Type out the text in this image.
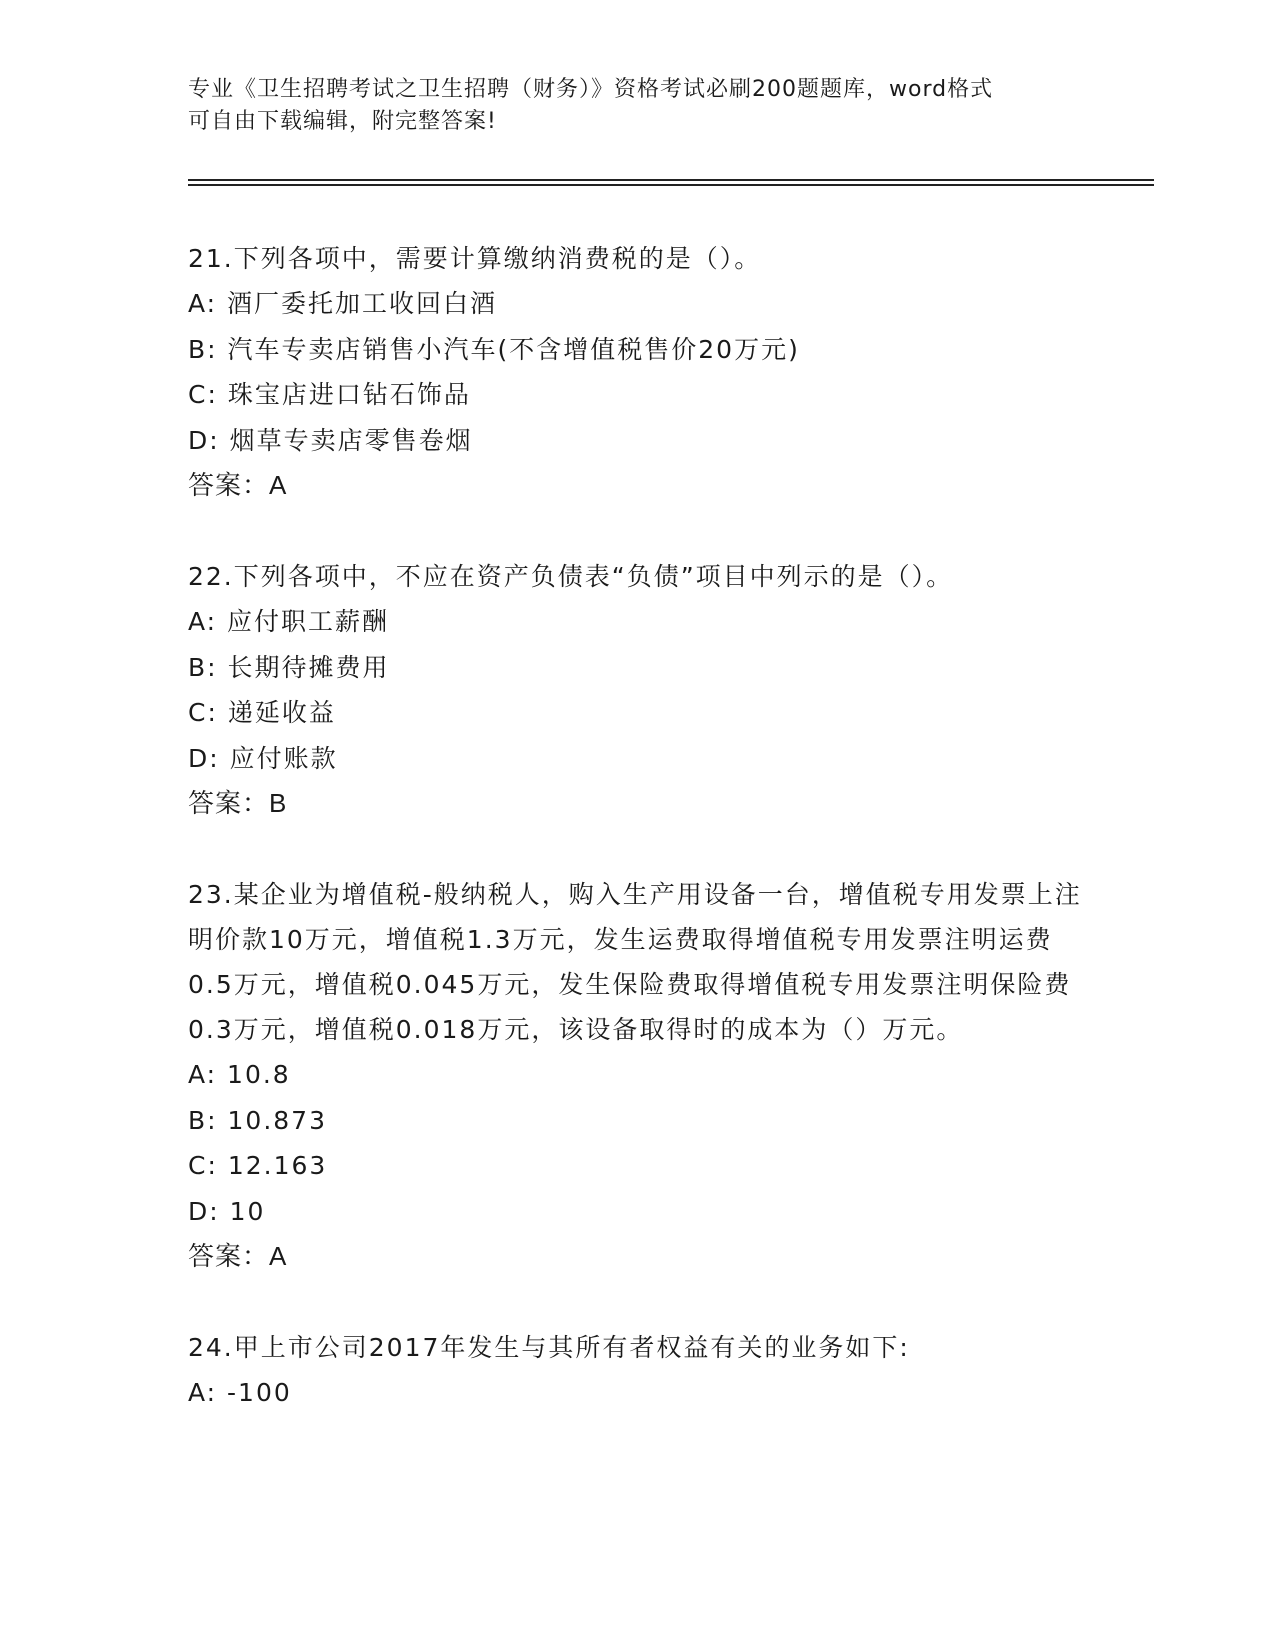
专业《卫生招聘考试之卫生招聘（财务）》资格考试必刷200题题库，word格式
可自由下载编辑，附完整答案!

21.下列各项中，需要计算缴纳消费税的是（）。

A: 酒厂委托加工收回白酒
B: 汽车专卖店销售小汽车(不含增值税售价20万元)
C: 珠宝店进口钻石饰品
D: 烟草专卖店零售卷烟
答案：A

22.下列各项中，不应在资产负债表“负债”项目中列示的是（）。

A: 应付职工薪酬
B: 长期待摊费用
C: 递延收益
D: 应付账款
答案：B

23.某企业为增值税-般纳税人，购入生产用设备一台，增值税专用发票上注明价款10万元，增值税1.3万元，发生运费取得增值税专用发票注明运费0.5万元，增值税0.045万元，发生保险费取得增值税专用发票注明保险费0.3万元，增值税0.018万元，该设备取得时的成本为（）万元。

A: 10.8
B: 10.873
C: 12.163
D: 10
答案：A

24.甲上市公司2017年发生与其所有者权益有关的业务如下:

A: -100
